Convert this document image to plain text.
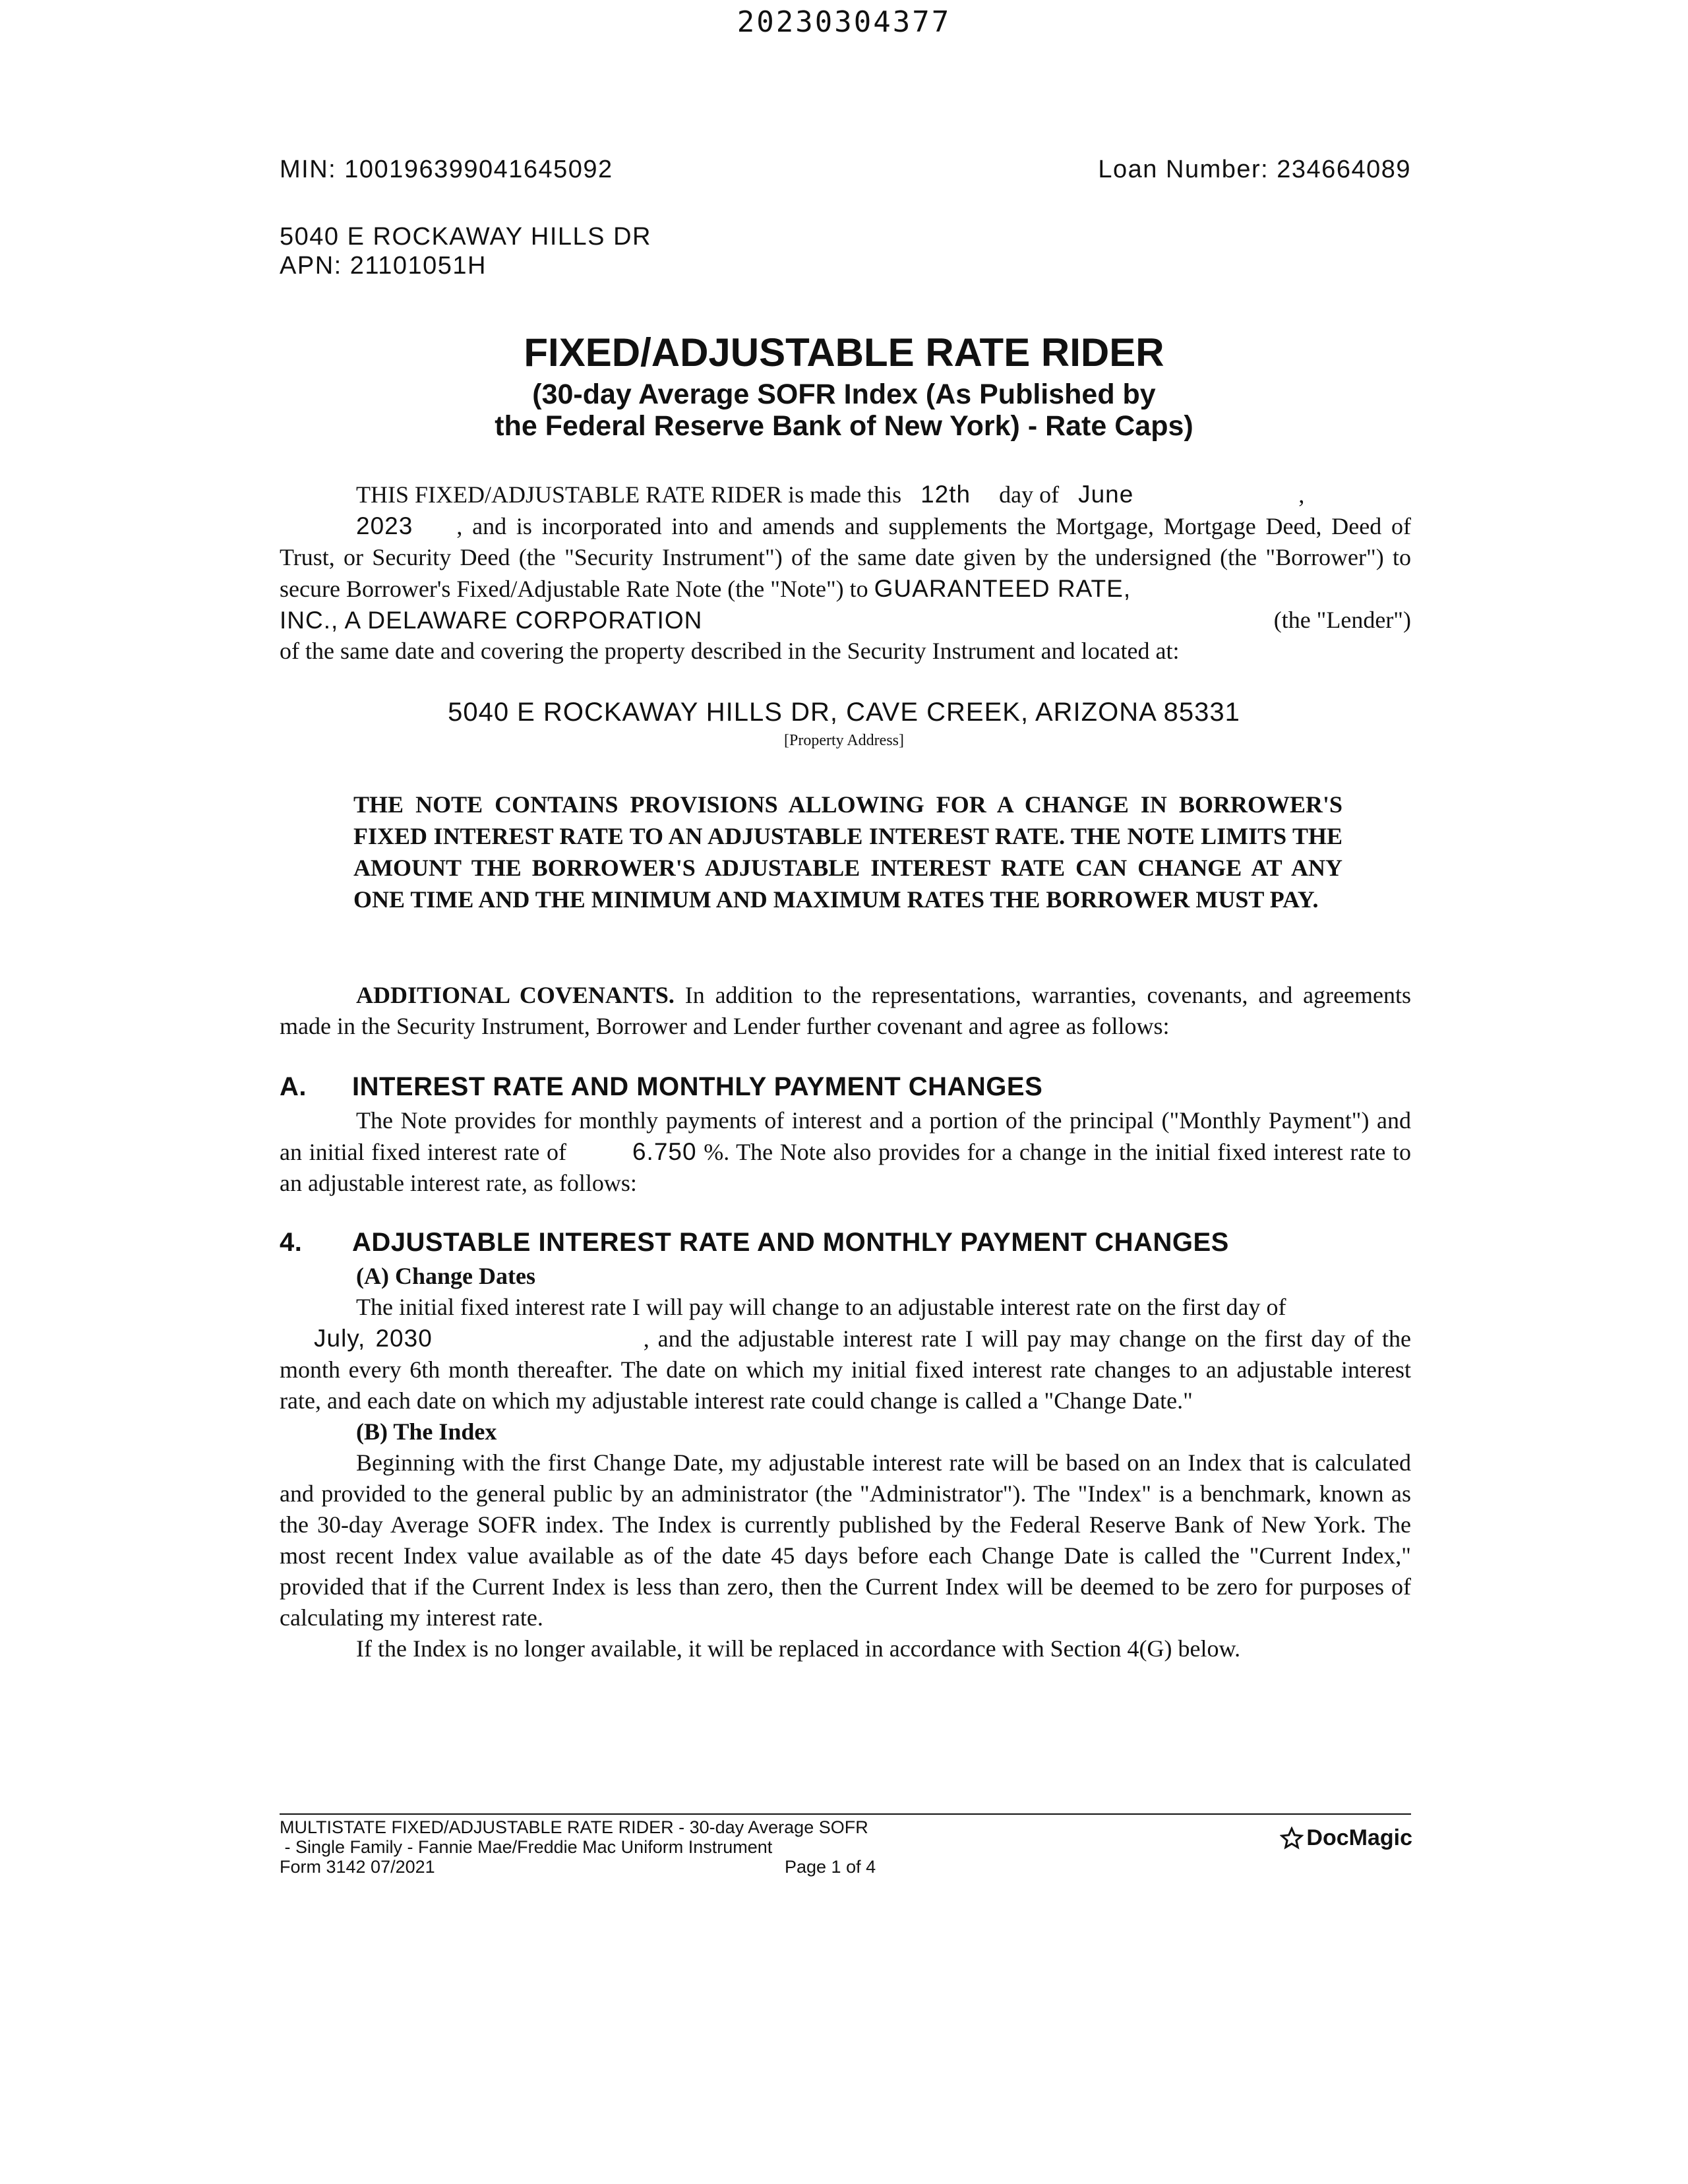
20230304377
MIN: 100196399041645092	Loan Number: 234664089
5040 E ROCKAWAY HILLS DR
APN: 21101051H
FIXED/ADJUSTABLE RATE RIDER
(30-day Average SOFR Index (As Published by
the Federal Reserve Bank of New York) - Rate Caps)
THIS FIXED/ADJUSTABLE RATE RIDER is made this 12th day of June	,
2023 , and is incorporated into and amends and supplements the Mortgage, Mortgage Deed, Deed of Trust, or Security Deed (the "Security Instrument") of the same date given by the undersigned (the "Borrower") to secure Borrower's Fixed/Adjustable Rate Note (the "Note") to GUARANTEED RATE,
INC., A DELAWARE CORPORATION	(the "Lender")
of the same date and covering the property described in the Security Instrument and located at:
5040 E ROCKAWAY HILLS DR, CAVE CREEK, ARIZONA 85331
[Property Address]
THE NOTE CONTAINS PROVISIONS ALLOWING FOR A CHANGE IN BORROWER'S FIXED INTEREST RATE TO AN ADJUSTABLE INTEREST RATE. THE NOTE LIMITS THE AMOUNT THE BORROWER'S ADJUSTABLE INTEREST RATE CAN CHANGE AT ANY ONE TIME AND THE MINIMUM AND MAXIMUM RATES THE BORROWER MUST PAY.
ADDITIONAL COVENANTS. In addition to the representations, warranties, covenants, and agreements made in the Security Instrument, Borrower and Lender further covenant and agree as follows:
A. INTEREST RATE AND MONTHLY PAYMENT CHANGES
The Note provides for monthly payments of interest and a portion of the principal ("Monthly Payment") and an initial fixed interest rate of	6.750 %. The Note also provides for a change in the initial fixed interest rate to an adjustable interest rate, as follows:
4. ADJUSTABLE INTEREST RATE AND MONTHLY PAYMENT CHANGES
(A) Change Dates
The initial fixed interest rate I will pay will change to an adjustable interest rate on the first day of
July, 2030	, and the adjustable interest rate I will pay may change on the first day of the month every 6th month thereafter. The date on which my initial fixed interest rate changes to an adjustable interest rate, and each date on which my adjustable interest rate could change is called a "Change Date."
(B) The Index
Beginning with the first Change Date, my adjustable interest rate will be based on an Index that is calculated and provided to the general public by an administrator (the "Administrator"). The "Index" is a benchmark, known as the 30-day Average SOFR index. The Index is currently published by the Federal Reserve Bank of New York. The most recent Index value available as of the date 45 days before each Change Date is called the "Current Index," provided that if the Current Index is less than zero, then the Current Index will be deemed to be zero for purposes of calculating my interest rate.
If the Index is no longer available, it will be replaced in accordance with Section 4(G) below.
MULTISTATE FIXED/ADJUSTABLE RATE RIDER - 30-day Average SOFR
- Single Family - Fannie Mae/Freddie Mac Uniform Instrument
Form 3142 07/2021	Page 1 of 4
DocMagic
